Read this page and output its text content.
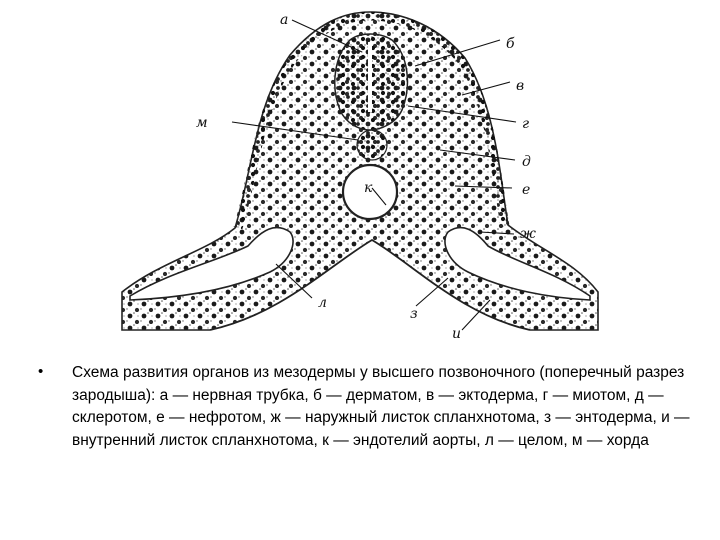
а
б
в
г
м
д
к	е
ж
л
з
и
• Схема развития органов из мезодермы у высшего позвоночного (поперечный разрез зародыша): а — нервная трубка, б — дерматом, в — эктодерма, г — миотом, д — склеротом, е — нефротом, ж — наружный листок спланхнотома, з — энтодерма, и — внутренний листок спланхнотома, к — эндотелий аорты, л — целом, м — хорда
